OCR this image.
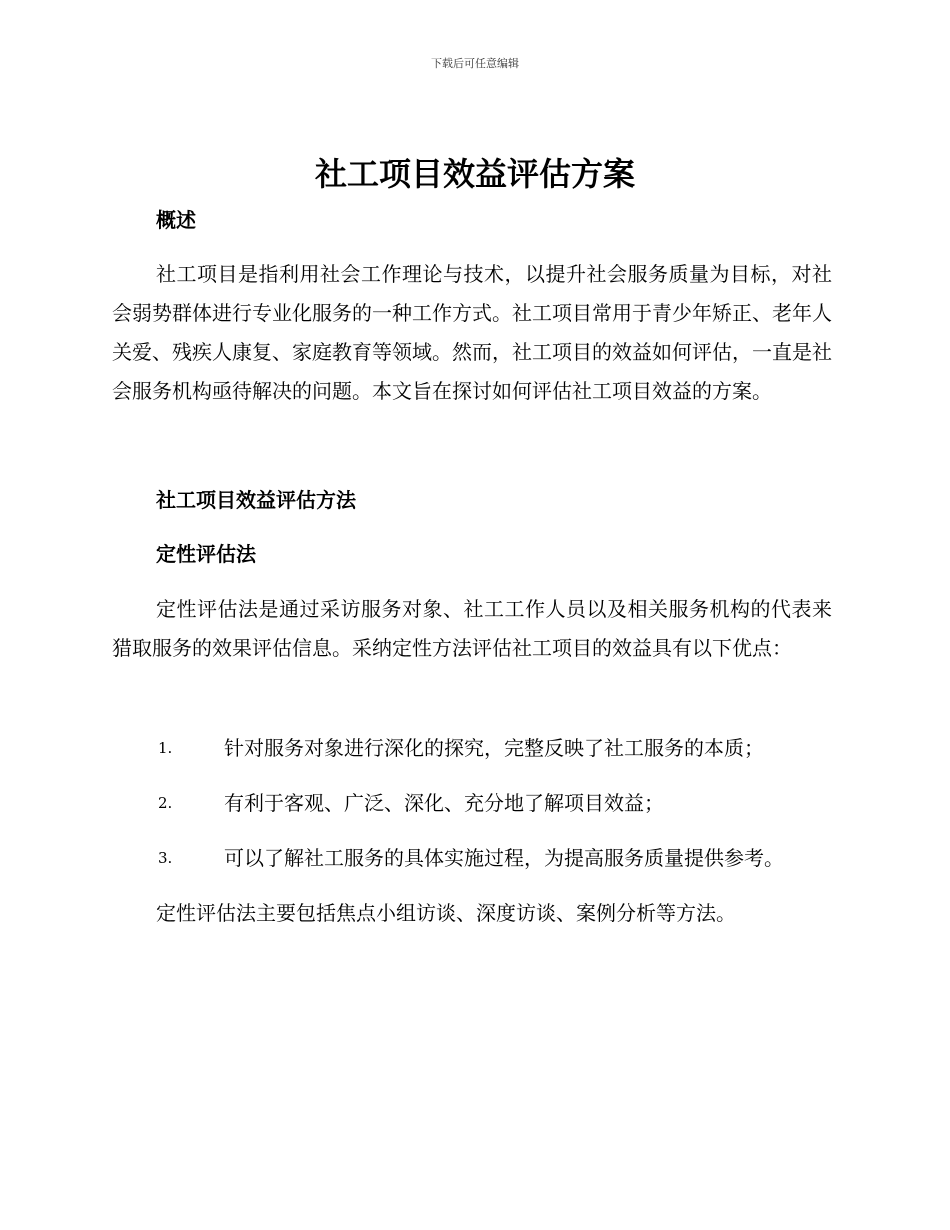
下载后可任意编辑
社工项目效益评估方案
概述

社工项目是指利用社会工作理论与技术，以提升社会服务质量为目标，对社会弱势群体进行专业化服务的一种工作方式。社工项目常用于青少年矫正、老年人关爱、残疾人康复、家庭教育等领域。然而，社工项目的效益如何评估，一直是社会服务机构亟待解决的问题。本文旨在探讨如何评估社工项目效益的方案。

社工项目效益评估方法
定性评估法

定性评估法是通过采访服务对象、社工工作人员以及相关服务机构的代表来猎取服务的效果评估信息。采纳定性方法评估社工项目的效益具有以下优点：

1.	针对服务对象进行深化的探究，完整反映了社工服务的本质；
2.	有利于客观、广泛、深化、充分地了解项目效益；
3.	可以了解社工服务的具体实施过程，为提高服务质量提供参考。

定性评估法主要包括焦点小组访谈、深度访谈、案例分析等方法。
